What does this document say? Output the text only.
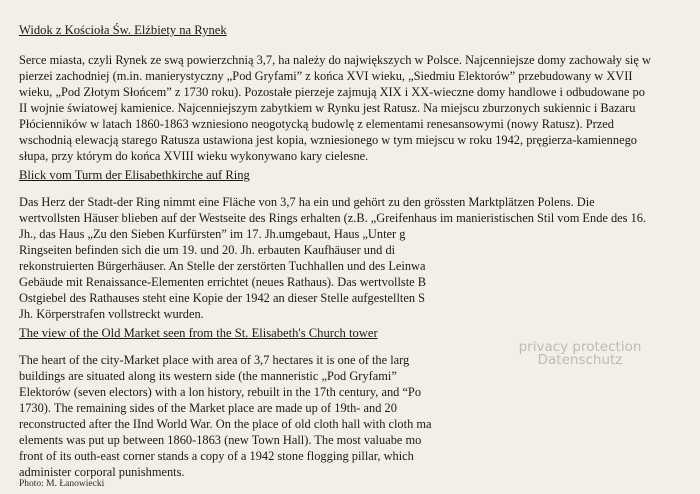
Widok z Kościoła Św. Elżbiety na Rynek
Serce miasta, czyli Rynek ze swą powierzchnią 3,7, ha należy do największych w Polsce. Najcenniejsze domy zachowały się w
pierzei zachodniej (m.in. manierystyczny „Pod Gryfami” z końca XVI wieku, „Siedmiu Elektorów” przebudowany w XVII
wieku, „Pod Złotym Słońcem” z 1730 roku). Pozostałe pierzeje zajmują XIX i XX-wieczne domy handlowe i odbudowane po
II wojnie światowej kamienice. Najcenniejszym zabytkiem w Rynku jest Ratusz. Na miejscu zburzonych sukiennic i Bazaru
Płócienników w latach 1860-1863 wzniesiono neogotycką budowlę z elementami renesansowymi (nowy Ratusz). Przed
wschodnią elewacją starego Ratusza ustawiona jest kopia, wzniesionego w tym miejscu w roku 1942, pręgierza-kamiennego
słupa, przy którym do końca XVIII wieku wykonywano kary cielesne.
Blick vom Turm der Elisabethkirche auf Ring
Das Herz der Stadt-der Ring nimmt eine Fläche von 3,7 ha ein und gehört zu den grössten Marktplätzen Polens. Die
wertvollsten Häuser blieben auf der Westseite des Rings erhalten (z.B. „Greifenhaus im manieristischen Stil vom Ende des 16.
Jh., das Haus „Zu den Sieben Kurfürsten” im 17. Jh.umgebaut, Haus „Unter g
Ringseiten befinden sich die um 19. und 20. Jh. erbauten Kaufhäuser und di
rekonstruierten Bürgerhäuser. An Stelle der zerstörten Tuchhallen und des Leinwa
Gebäude mit Renaissance-Elementen errichtet (neues Rathaus). Das wertvollste B
Ostgiebel des Rathauses steht eine Kopie der 1942 an dieser Stelle aufgestellten S
Jh. Körperstrafen vollstreckt wurden.
The view of the Old Market seen from the St. Elisabeth's Church tower
The heart of the city-Market place with area of 3,7 hectares it is one of the larg
buildings are situated along its western side (the manneristic „Pod Gryfami”
Elektorów (seven electors) with a lon history, rebuilt in the 17th century, and “Po
1730). The remaining sides of the Market place are made up of 19th- and 20
reconstructed after the IInd World War. On the place of old cloth hall with cloth ma
elements was put up between 1860-1863 (new Town Hall). The most valuabe mo
front of its outh-east corner stands a copy of a 1942 stone flogging pillar, which
administer corporal punishments.
privacy protection
Datenschutz
Photo: M. Łanowiecki
